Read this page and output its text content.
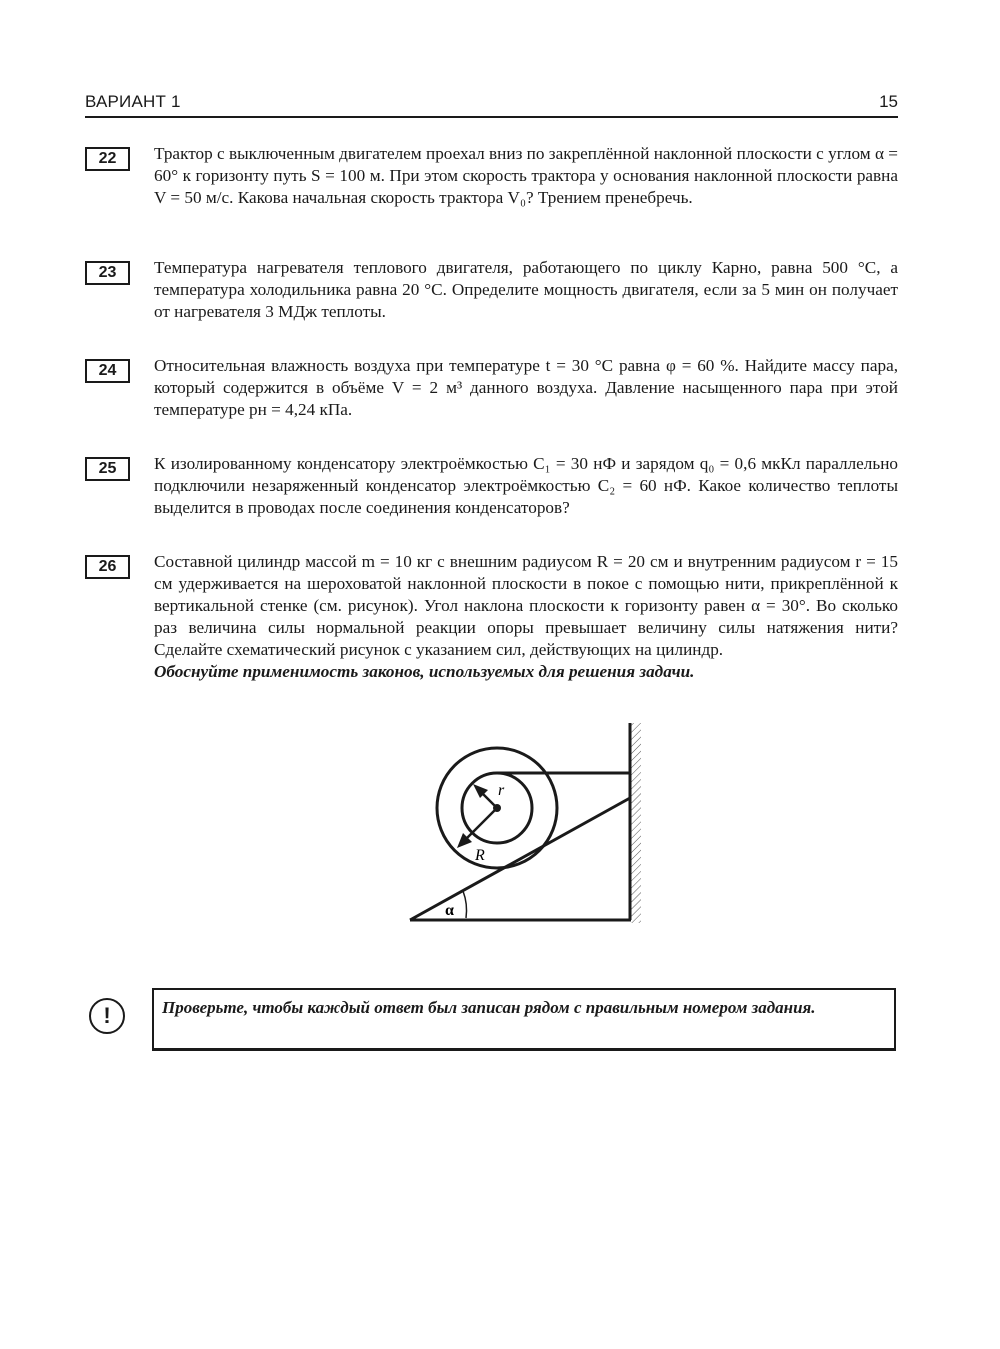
ВАРИАНТ 1	15
22	Трактор с выключенным двигателем проехал вниз по закреплённой наклонной плоскости с углом α = 60° к горизонту путь S = 100 м. При этом скорость трактора у основания наклонной плоскости равна V = 50 м/с. Какова начальная скорость трактора V₀? Трением пренебречь.

23	Температура нагревателя теплового двигателя, работающего по циклу Карно, равна 500 °С, а температура холодильника равна 20 °С. Определите мощность двигателя, если за 5 мин он получает от нагревателя 3 МДж теплоты.

24	Относительная влажность воздуха при температуре t = 30 °С равна φ = 60 %. Найдите массу пара, который содержится в объёме V = 2 м³ данного воздуха. Давление насыщенного пара при этой температуре pн = 4,24 кПа.

25	К изолированному конденсатору электроёмкостью C₁ = 30 нФ и зарядом q₀ = 0,6 мкКл параллельно подключили незаряженный конденсатор электроёмкостью C₂ = 60 нФ. Какое количество теплоты выделится в проводах после соединения конденсаторов?

26	Составной цилиндр массой m = 10 кг с внешним радиусом R = 20 см и внутренним радиусом r = 15 см удерживается на шероховатой наклонной плоскости в покое с помощью нити, прикреплённой к вертикальной стенке (см. рисунок). Угол наклона плоскости к горизонту равен α = 30°. Во сколько раз величина силы нормальной реакции опоры превышает величину силы натяжения нити? Сделайте схематический рисунок с указанием сил, действующих на цилиндр.

Обоснуйте применимость законов, используемых для решения задачи.

r
R
α
!	Проверьте, чтобы каждый ответ был записан рядом с правильным номером задания.
